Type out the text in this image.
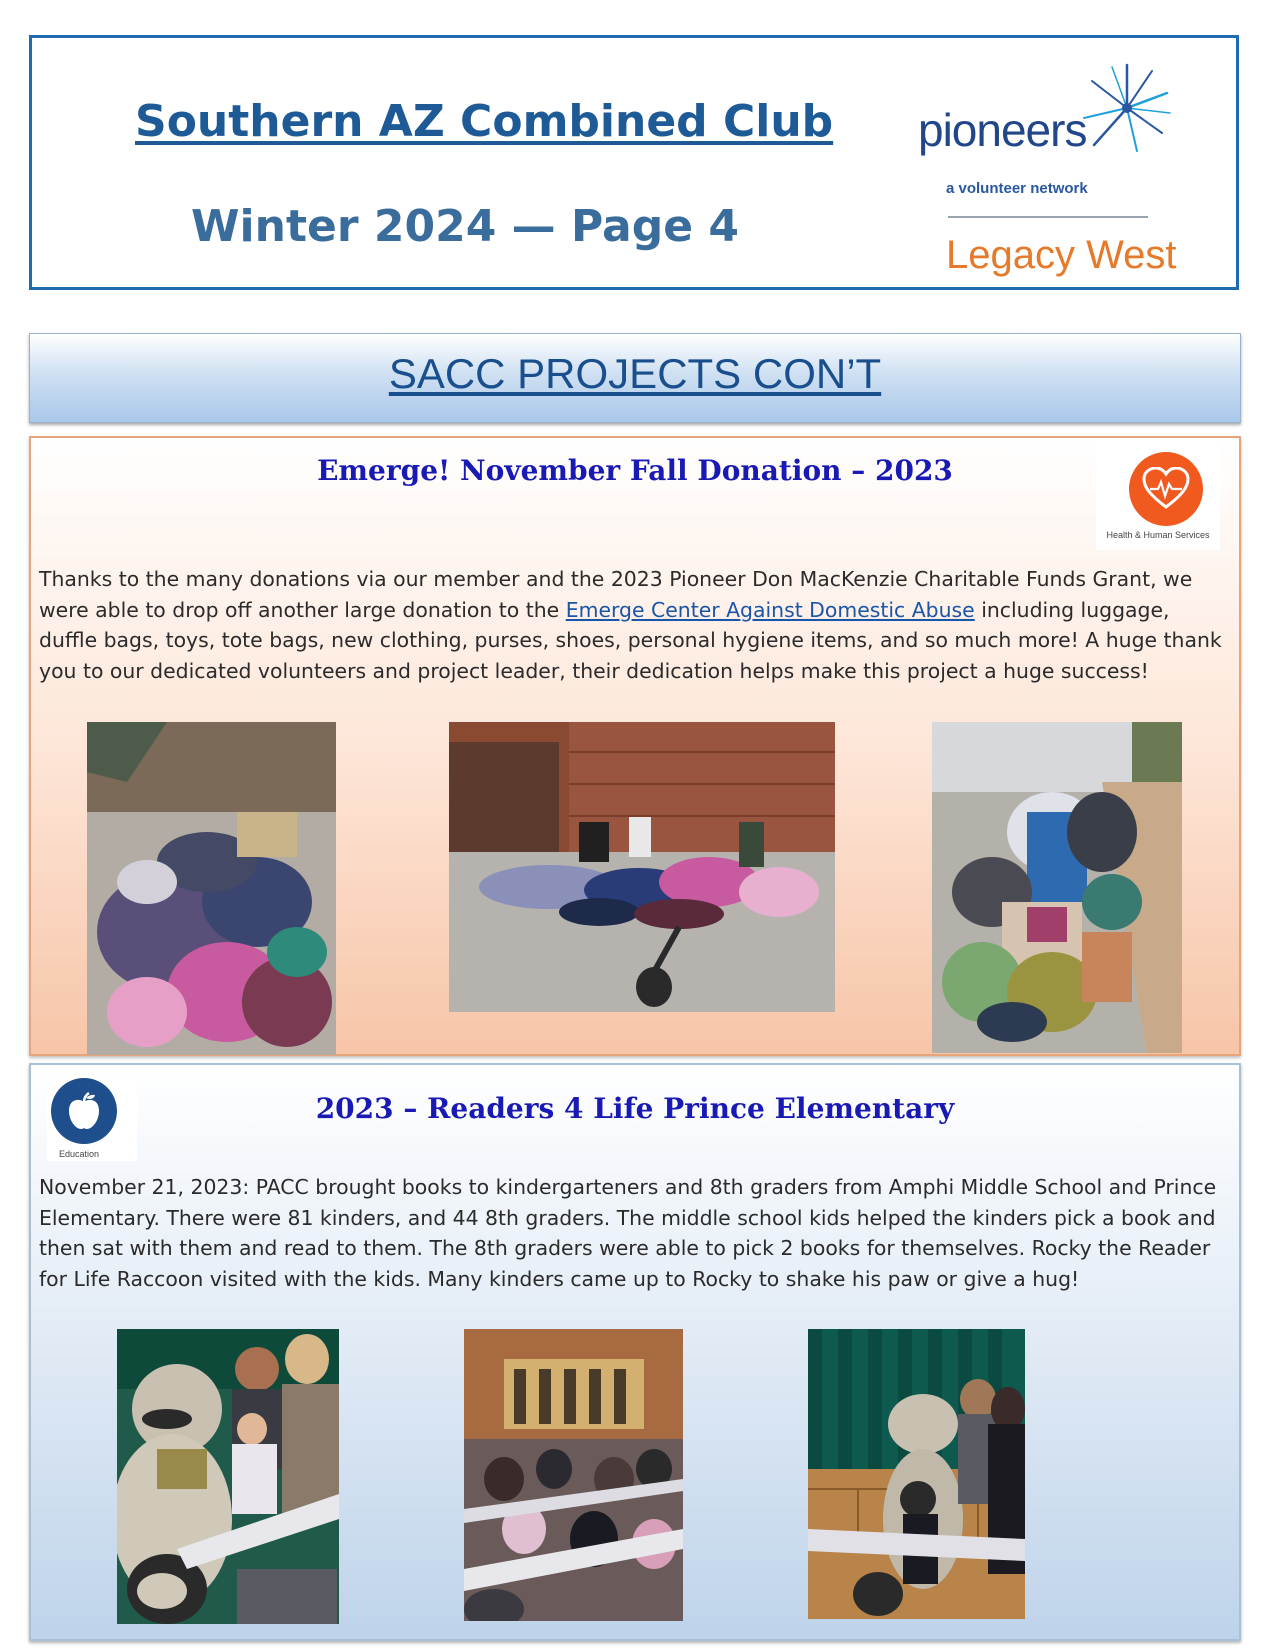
Southern AZ Combined Club
Winter 2024 — Page 4
pioneers
a volunteer network
Legacy West
SACC PROJECTS CON’T
Emerge! November Fall Donation – 2023
Health & Human Services

Thanks to the many donations via our member and the 2023 Pioneer Don MacKenzie Charitable Funds Grant, we were able to drop off another large donation to the Emerge Center Against Domestic Abuse including luggage, duffle bags, toys, tote bags, new clothing, purses, shoes, personal hygiene items, and so much more! A huge thank you to our dedicated volunteers and project leader, their dedication helps make this project a huge success!

Education
2023 – Readers 4 Life Prince Elementary

November 21, 2023: PACC brought books to kindergarteners and 8th graders from Amphi Middle School and Prince Elementary. There were 81 kinders, and 44 8th graders. The middle school kids helped the kinders pick a book and then sat with them and read to them. The 8th graders were able to pick 2 books for themselves. Rocky the Reader for Life Raccoon visited with the kids. Many kinders came up to Rocky to shake his paw or give a hug!
